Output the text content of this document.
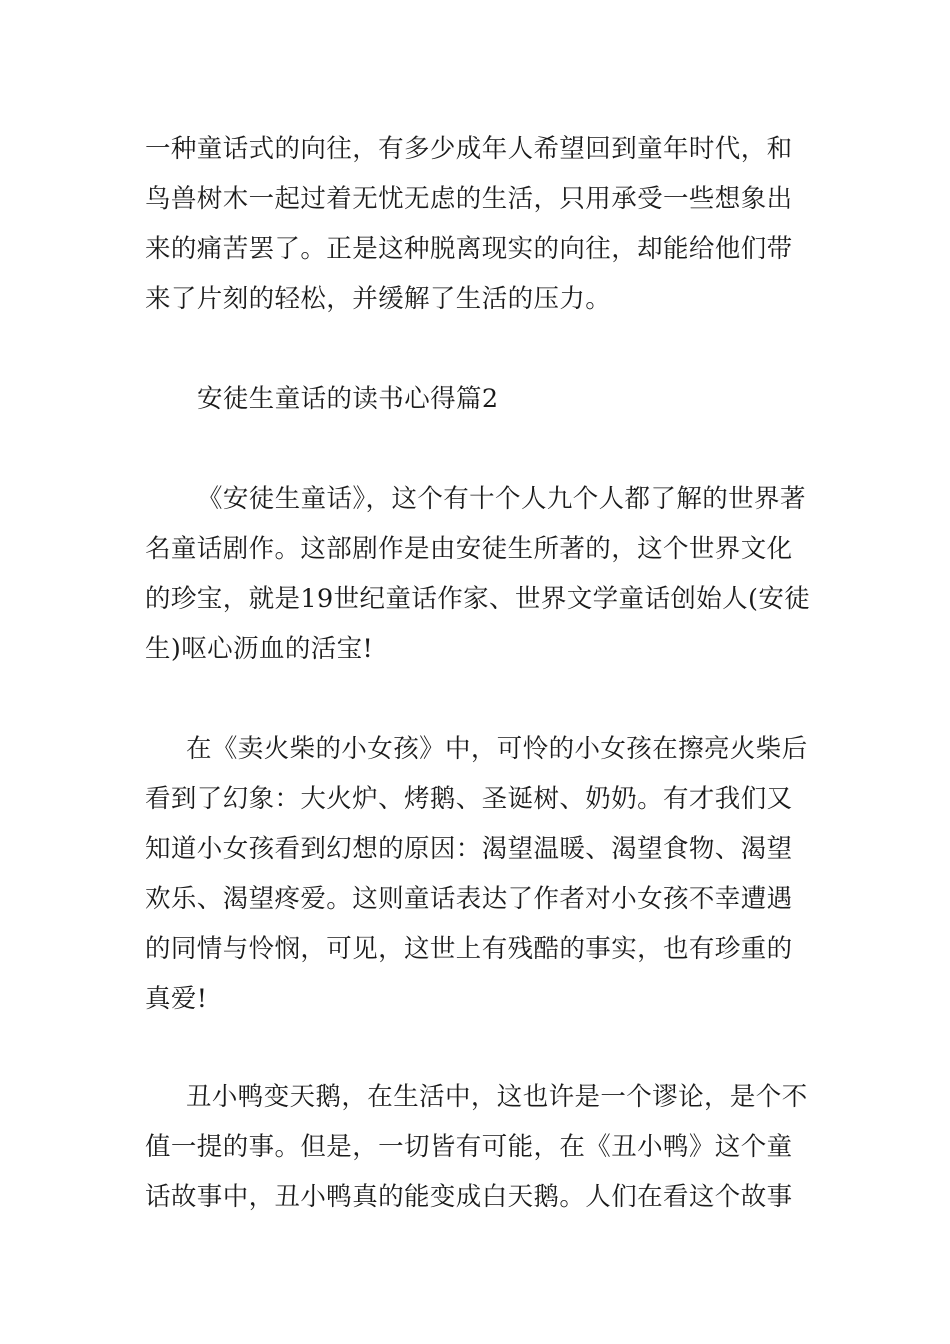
一种童话式的向往，有多少成年人希望回到童年时代，和
鸟兽树木一起过着无忧无虑的生活，只用承受一些想象出
来的痛苦罢了。正是这种脱离现实的向往，却能给他们带
来了片刻的轻松，并缓解了生活的压力。
安徒生童话的读书心得篇2
《安徒生童话》，这个有十个人九个人都了解的世界著
名童话剧作。这部剧作是由安徒生所著的，这个世界文化
的珍宝，就是19世纪童话作家、世界文学童话创始人(安徒
生)呕心沥血的活宝!
在《卖火柴的小女孩》中，可怜的小女孩在擦亮火柴后
看到了幻象：大火炉、烤鹅、圣诞树、奶奶。有才我们又
知道小女孩看到幻想的原因：渴望温暖、渴望食物、渴望
欢乐、渴望疼爱。这则童话表达了作者对小女孩不幸遭遇
的同情与怜悯，可见，这世上有残酷的事实，也有珍重的
真爱!
丑小鸭变天鹅，在生活中，这也许是一个谬论，是个不
值一提的事。但是，一切皆有可能，在《丑小鸭》这个童
话故事中，丑小鸭真的能变成白天鹅。人们在看这个故事
